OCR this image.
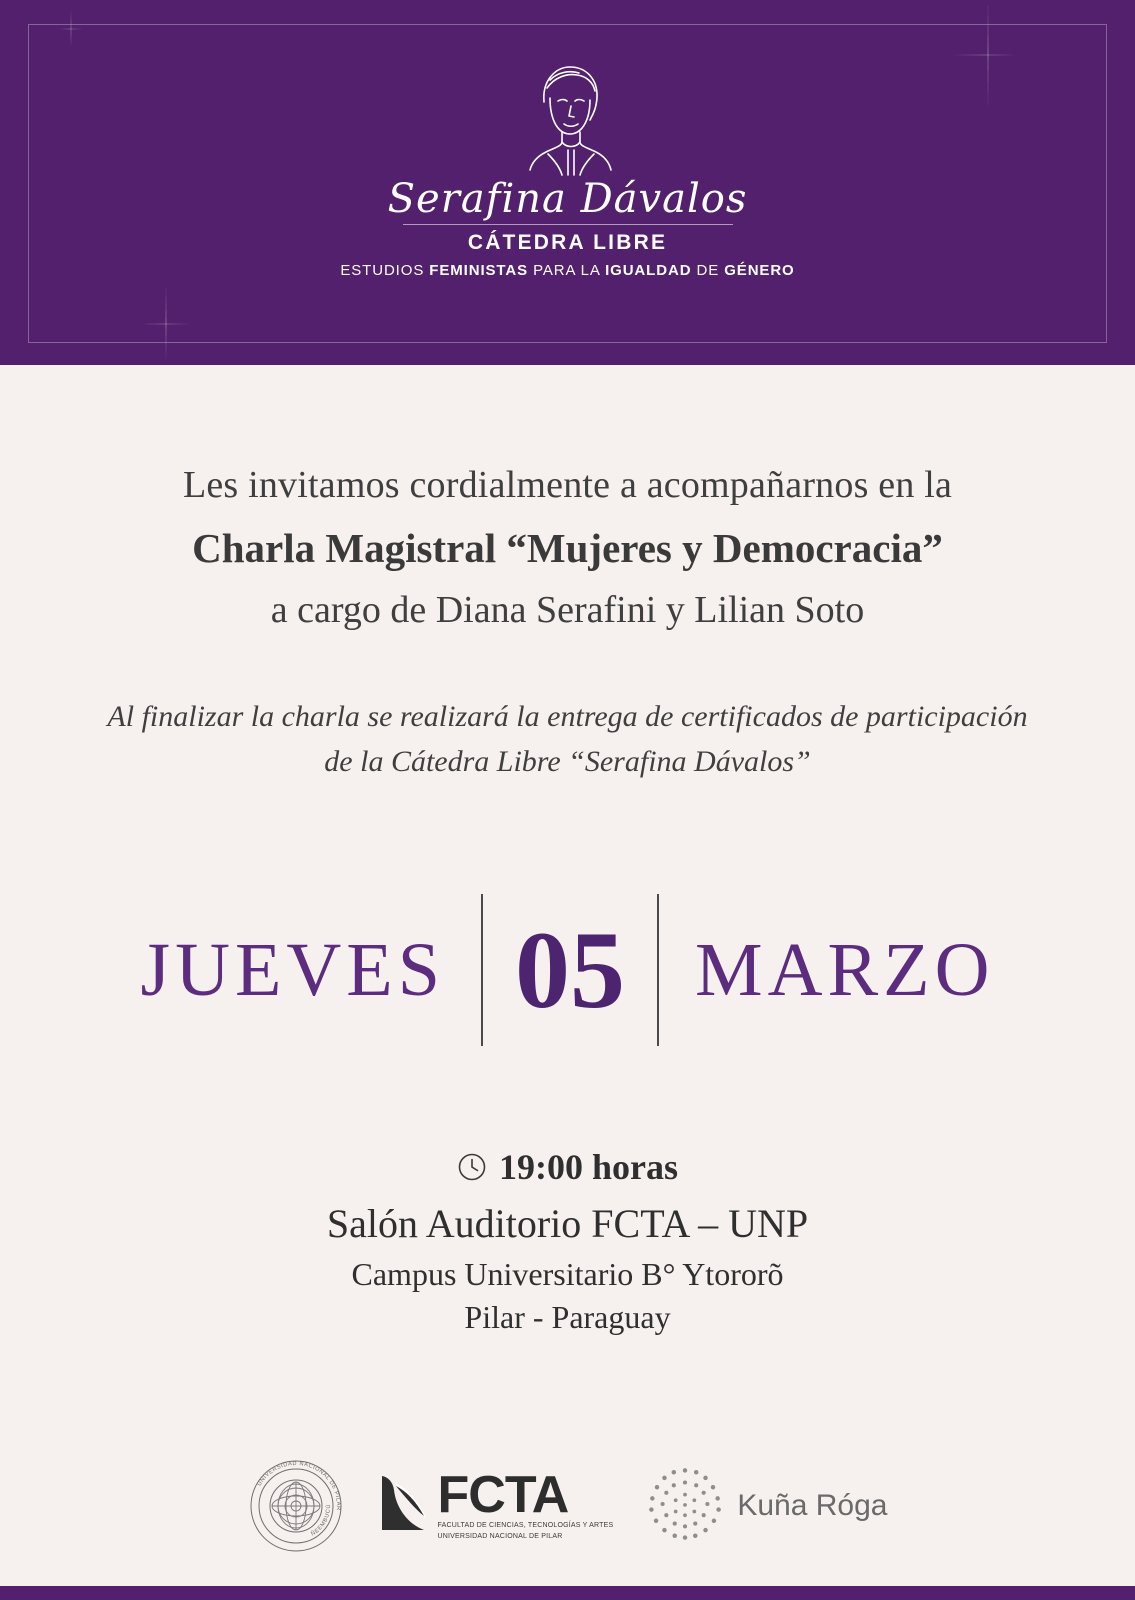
Serafina Dávalos
CÁTEDRA LIBRE
ESTUDIOS FEMINISTAS PARA LA IGUALDAD DE GÉNERO
Les invitamos cordialmente a acompañarnos en la
Charla Magistral “Mujeres y Democracia”
a cargo de Diana Serafini y Lilian Soto
Al finalizar la charla se realizará la entrega de certificados de participación
de la Cátedra Libre “Serafina Dávalos”
JUEVES 05 MARZO
19:00 horas
Salón Auditorio FCTA – UNP
Campus Universitario B° Ytororõ
Pilar - Paraguay
UNIVERSIDAD NACIONAL DE PILAR
ÑEEMBUCÚ FCTA
FACULTAD DE CIENCIAS, TECNOLOGÍAS Y ARTES
UNIVERSIDAD NACIONAL DE PILAR
Kuña Róga
